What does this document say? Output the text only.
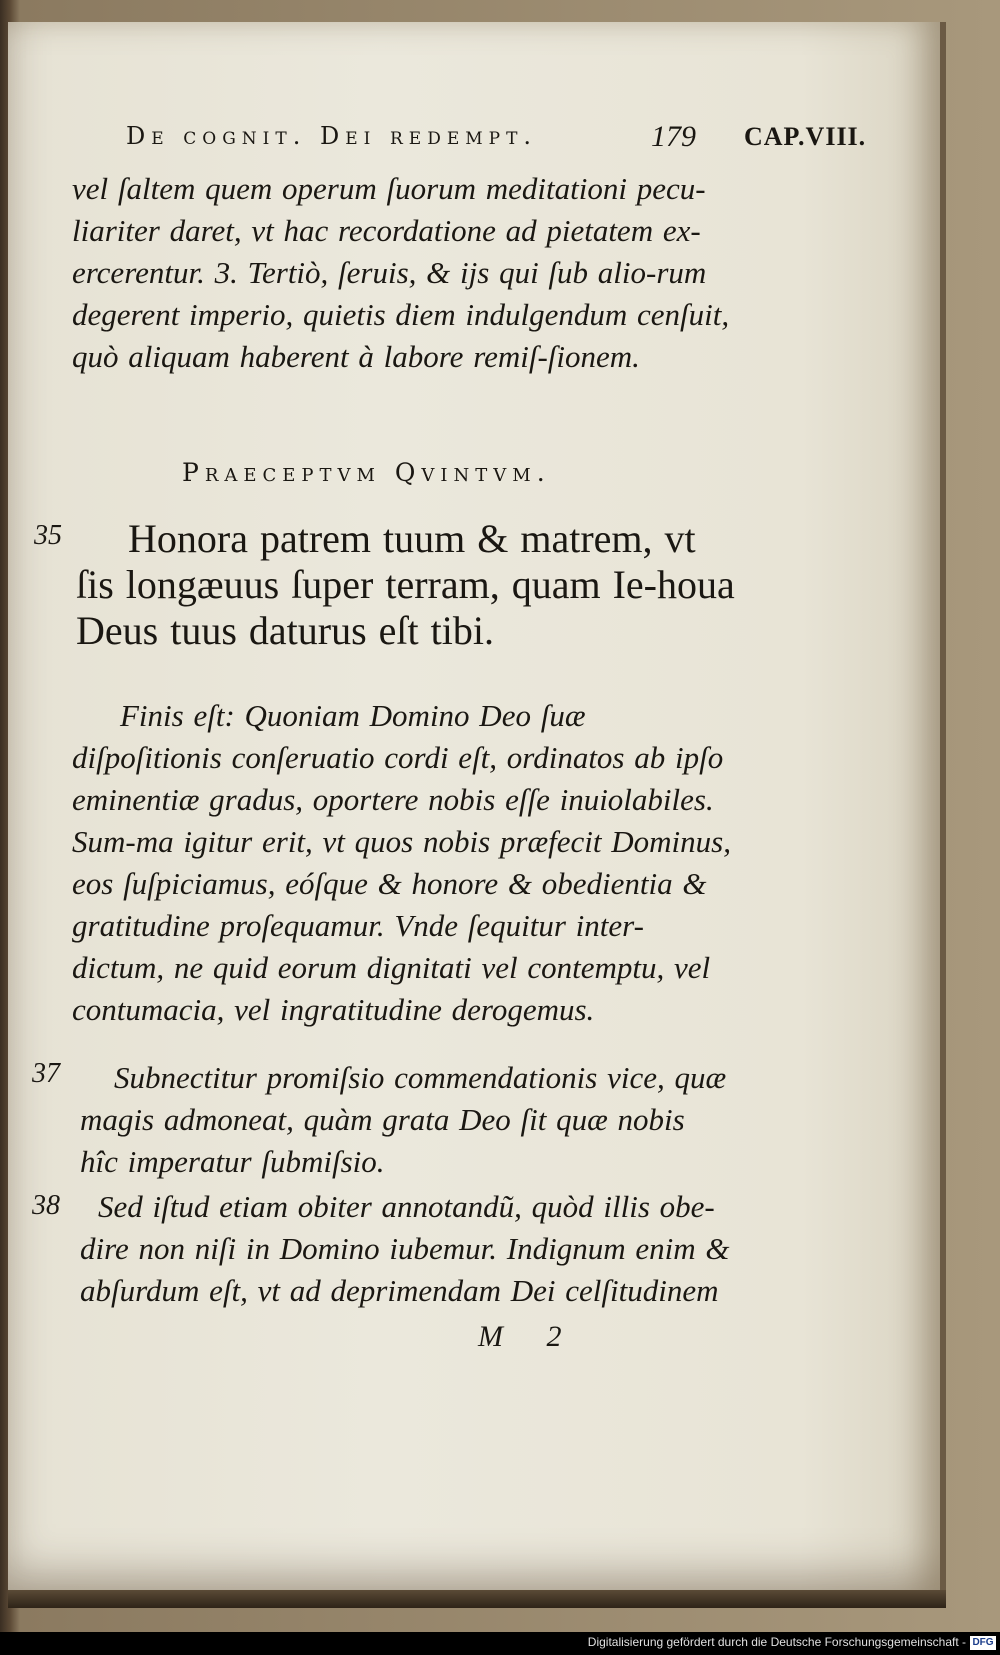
De cognit. Dei redempt.	179 CAP.VIII.
vel ſaltem quem operum ſuorum meditationi pecu-liariter daret, vt hac recordatione ad pietatem ex-ercerentur. 3. Tertiò, ſeruis, & ijs qui ſub alio-rum degerent imperio, quietis diem indulgendum cenſuit, quò aliquam haberent à labore remiſ-ſionem.
Praeceptvm Qvintvm.
35	Honora patrem tuum & matrem, vt ſis longæuus ſuper terram, quam Ie-houa Deus tuus daturus eſt tibi.
Finis eſt: Quoniam Domino Deo ſuæ diſpoſitionis conſeruatio cordi eſt, ordinatos ab ipſo eminentiæ gradus, oportere nobis eſſe inuiolabiles. Sum-ma igitur erit, vt quos nobis præfecit Dominus, eos ſuſpiciamus, eóſque & honore & obedientia & gratitudine proſequamur. Vnde ſequitur inter-dictum, ne quid eorum dignitati vel contemptu, vel contumacia, vel ingratitudine derogemus.
37	Subnectitur promiſsio commendationis vice, quæ magis admoneat, quàm grata Deo ſit quæ nobis hîc imperatur ſubmiſsio.
38	Sed iſtud etiam obiter annotandũ, quòd illis obe-dire non niſi in Domino iubemur. Indignum enim & abſurdum eſt, vt ad deprimendam Dei celſitudinem
M 2
Digitalisierung gefördert durch die Deutsche Forschungsgemeinschaft - DFG
